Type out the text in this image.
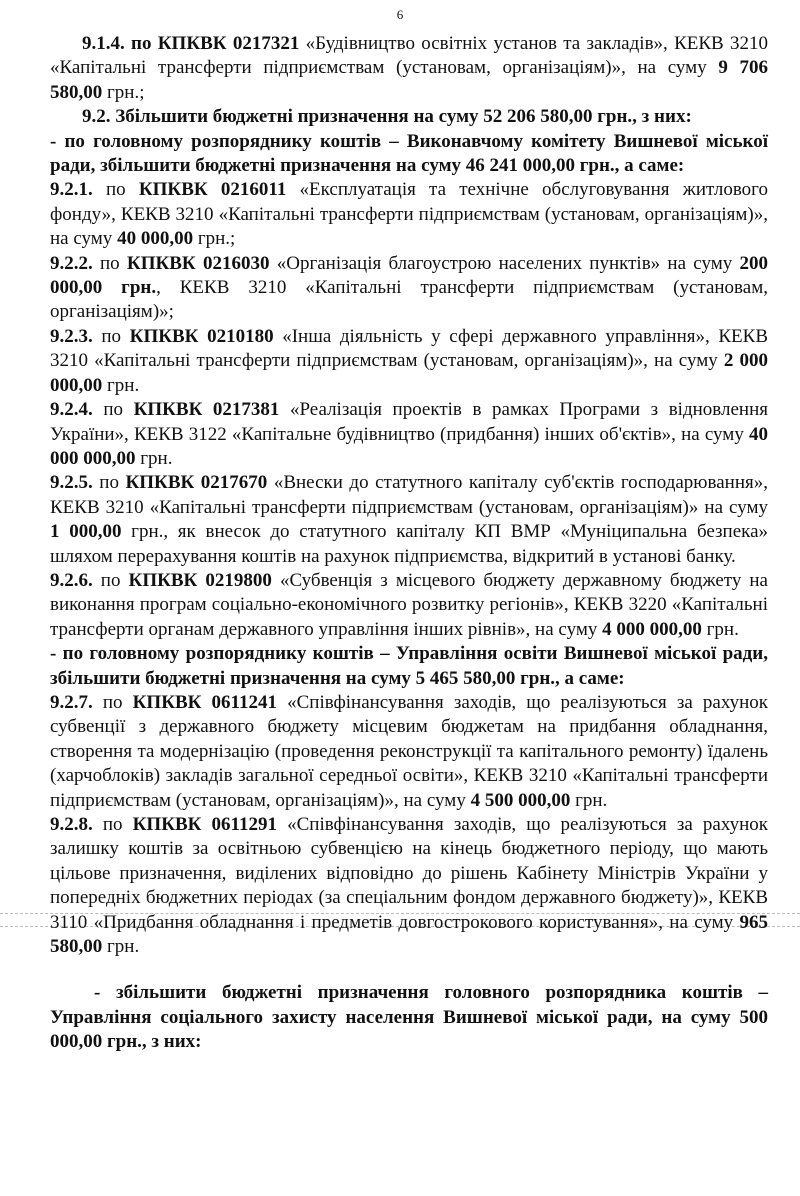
6

9.1.4. по КПКВК 0217321 «Будівництво освітніх установ та закладів», КЕКВ 3210 «Капітальні трансферти підприємствам (установам, організаціям)», на суму 9 706 580,00 грн.;

9.2. Збільшити бюджетні призначення на суму 52 206 580,00 грн., з них:

- по головному розпоряднику коштів – Виконавчому комітету Вишневої міської ради, збільшити бюджетні призначення на суму 46 241 000,00 грн., а саме:

9.2.1. по КПКВК 0216011 «Експлуатація та технічне обслуговування житлового фонду», КЕКВ 3210 «Капітальні трансферти підприємствам (установам, організаціям)», на суму 40 000,00 грн.;

9.2.2. по КПКВК 0216030 «Організація благоустрою населених пунктів» на суму 200 000,00 грн., КЕКВ 3210 «Капітальні трансферти підприємствам (установам, організаціям)»;

9.2.3. по КПКВК 0210180 «Інша діяльність у сфері державного управління», КЕКВ 3210 «Капітальні трансферти підприємствам (установам, організаціям)», на суму 2 000 000,00 грн.

9.2.4. по КПКВК 0217381 «Реалізація проектів в рамках Програми з відновлення України», КЕКВ 3122 «Капітальне будівництво (придбання) інших об'єктів», на суму 40 000 000,00 грн.

9.2.5. по КПКВК 0217670 «Внески до статутного капіталу суб'єктів господарювання», КЕКВ 3210 «Капітальні трансферти підприємствам (установам, організаціям)» на суму 1 000,00 грн., як внесок до статутного капіталу КП ВМР «Муніципальна безпека» шляхом перерахування коштів на рахунок підприємства, відкритий в установі банку.

9.2.6. по КПКВК 0219800 «Субвенція з місцевого бюджету державному бюджету на виконання програм соціально-економічного розвитку регіонів», КЕКВ 3220 «Капітальні трансферти органам державного управління інших рівнів», на суму 4 000 000,00 грн.

- по головному розпоряднику коштів – Управління освіти Вишневої міської ради, збільшити бюджетні призначення на суму 5 465 580,00 грн., а саме:

9.2.7. по КПКВК 0611241 «Співфінансування заходів, що реалізуються за рахунок субвенції з державного бюджету місцевим бюджетам на придбання обладнання, створення та модернізацію (проведення реконструкції та капітального ремонту) їдалень (харчоблоків) закладів загальної середньої освіти», КЕКВ 3210 «Капітальні трансферти підприємствам (установам, організаціям)», на суму 4 500 000,00 грн.

9.2.8. по КПКВК 0611291 «Співфінансування заходів, що реалізуються за рахунок залишку коштів за освітньою субвенцією на кінець бюджетного періоду, що мають цільове призначення, виділених відповідно до рішень Кабінету Міністрів України у попередніх бюджетних періодах (за спеціальним фондом державного бюджету)», КЕКВ 3110 «Придбання обладнання і предметів довгострокового користування», на суму 965 580,00 грн.

- збільшити бюджетні призначення головного розпорядника коштів – Управління соціального захисту населення Вишневої міської ради, на суму 500 000,00 грн., з них:
